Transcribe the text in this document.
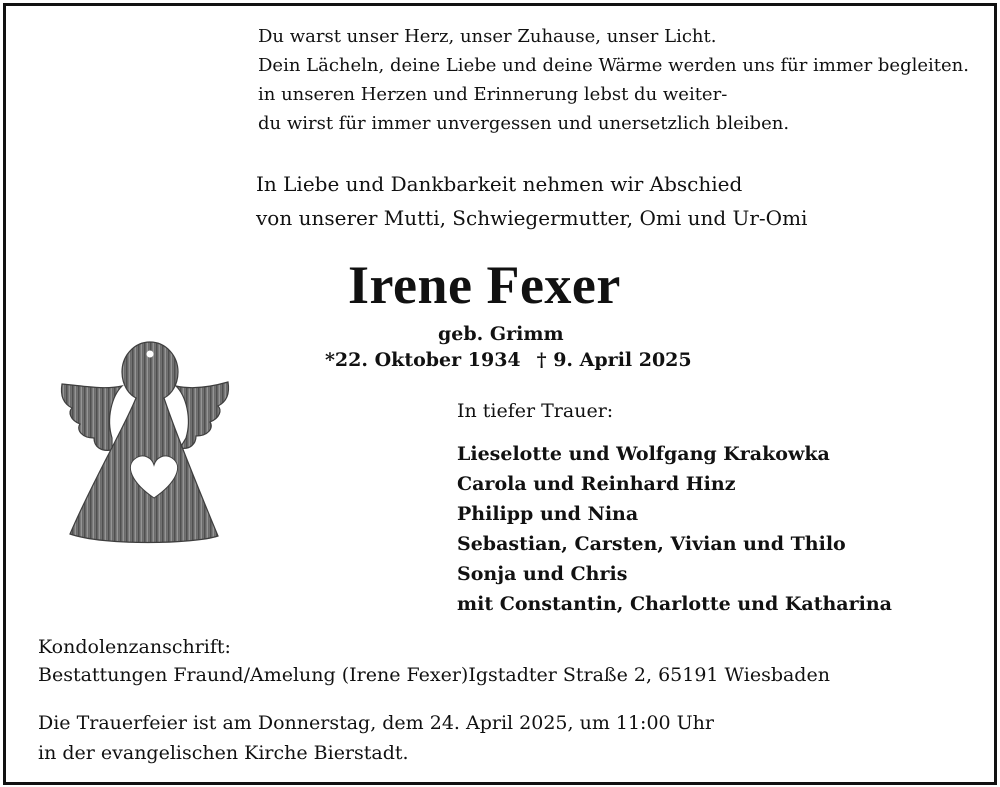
Du warst unser Herz, unser Zuhause, unser Licht.
Dein Lächeln, deine Liebe und deine Wärme werden uns für immer begleiten.
in unseren Herzen und Erinnerung lebst du weiter-
du wirst für immer unvergessen und unersetzlich bleiben.
In Liebe und Dankbarkeit nehmen wir Abschied
von unserer Mutti, Schwiegermutter, Omi und Ur-Omi
Irene Fexer
geb. Grimm
*22. Oktober 1934 † 9. April 2025
In tiefer Trauer:
Lieselotte und Wolfgang Krakowka
Carola und Reinhard Hinz
Philipp und Nina
Sebastian, Carsten, Vivian und Thilo
Sonja und Chris
mit Constantin, Charlotte und Katharina
Kondolenzanschrift:
Bestattungen Fraund/Amelung (Irene Fexer)Igstadter Straße 2, 65191 Wiesbaden
Die Trauerfeier ist am Donnerstag, dem 24. April 2025, um 11:00 Uhr
in der evangelischen Kirche Bierstadt.
